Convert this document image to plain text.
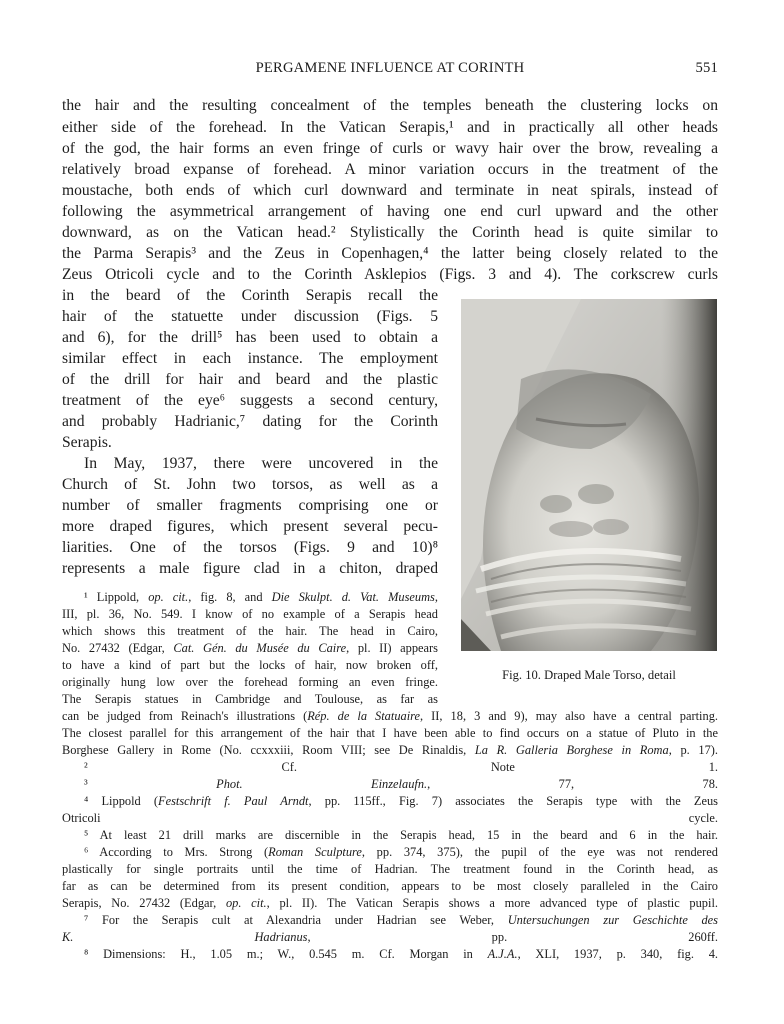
PERGAMENE INFLUENCE AT CORINTH	551
the hair and the resulting concealment of the temples beneath the clustering locks on
either side of the forehead. In the Vatican Serapis,¹ and in practically all other heads
of the god, the hair forms an even fringe of curls or wavy hair over the brow, revealing a
relatively broad expanse of forehead. A minor variation occurs in the treatment of the
moustache, both ends of which curl downward and terminate in neat spirals, instead of
following the asymmetrical arrangement of having one end curl upward and the other
downward, as on the Vatican head.² Stylistically the Corinth head is quite similar to
the Parma Serapis³ and the Zeus in Copenhagen,⁴ the latter being closely related to the
Zeus Otricoli cycle and to the Corinth Asklepios (Figs. 3 and 4). The corkscrew curls
in the beard of the Corinth Serapis recall the
hair of the statuette under discussion (Figs. 5
and 6), for the drill⁵ has been used to obtain a
similar effect in each instance. The employment
of the drill for hair and beard and the plastic
treatment of the eye⁶ suggests a second century,
and probably Hadrianic,⁷ dating for the Corinth
Serapis.
In May, 1937, there were uncovered in the
Church of St. John two torsos, as well as a
number of smaller fragments comprising one or
more draped figures, which present several pecu-
liarities. One of the torsos (Figs. 9 and 10)⁸
represents a male figure clad in a chiton, draped
Fig. 10. Draped Male Torso, detail
¹ Lippold, op. cit., fig. 8, and Die Skulpt. d. Vat. Museums,
III, pl. 36, No. 549. I know of no example of a Serapis head
which shows this treatment of the hair. The head in Cairo,
No. 27432 (Edgar, Cat. Gén. du Musée du Caire, pl. II) appears
to have a kind of part but the locks of hair, now broken off,
originally hung low over the forehead forming an even fringe.
The Serapis statues in Cambridge and Toulouse, as far as
can be judged from Reinach's illustrations (Rép. de la Statuaire, II, 18, 3 and 9), may also have a central parting.
The closest parallel for this arrangement of the hair that I have been able to find occurs on a statue of Pluto in the
Borghese Gallery in Rome (No. ccxxxiii, Room VIII; see De Rinaldis, La R. Galleria Borghese in Roma, p. 17).
² Cf. Note 1.
³ Phot. Einzelaufn., 77, 78.
⁴ Lippold (Festschrift f. Paul Arndt, pp. 115ff., Fig. 7) associates the Serapis type with the Zeus
Otricoli cycle.
⁵ At least 21 drill marks are discernible in the Serapis head, 15 in the beard and 6 in the hair.
⁶ According to Mrs. Strong (Roman Sculpture, pp. 374, 375), the pupil of the eye was not rendered
plastically for single portraits until the time of Hadrian. The treatment found in the Corinth head, as
far as can be determined from its present condition, appears to be most closely paralleled in the Cairo
Serapis, No. 27432 (Edgar, op. cit., pl. II). The Vatican Serapis shows a more advanced type of plastic pupil.
⁷ For the Serapis cult at Alexandria under Hadrian see Weber, Untersuchungen zur Geschichte des
K. Hadrianus, pp. 260ff.
⁸ Dimensions: H., 1.05 m.; W., 0.545 m. Cf. Morgan in A.J.A., XLI, 1937, p. 340, fig. 4.
